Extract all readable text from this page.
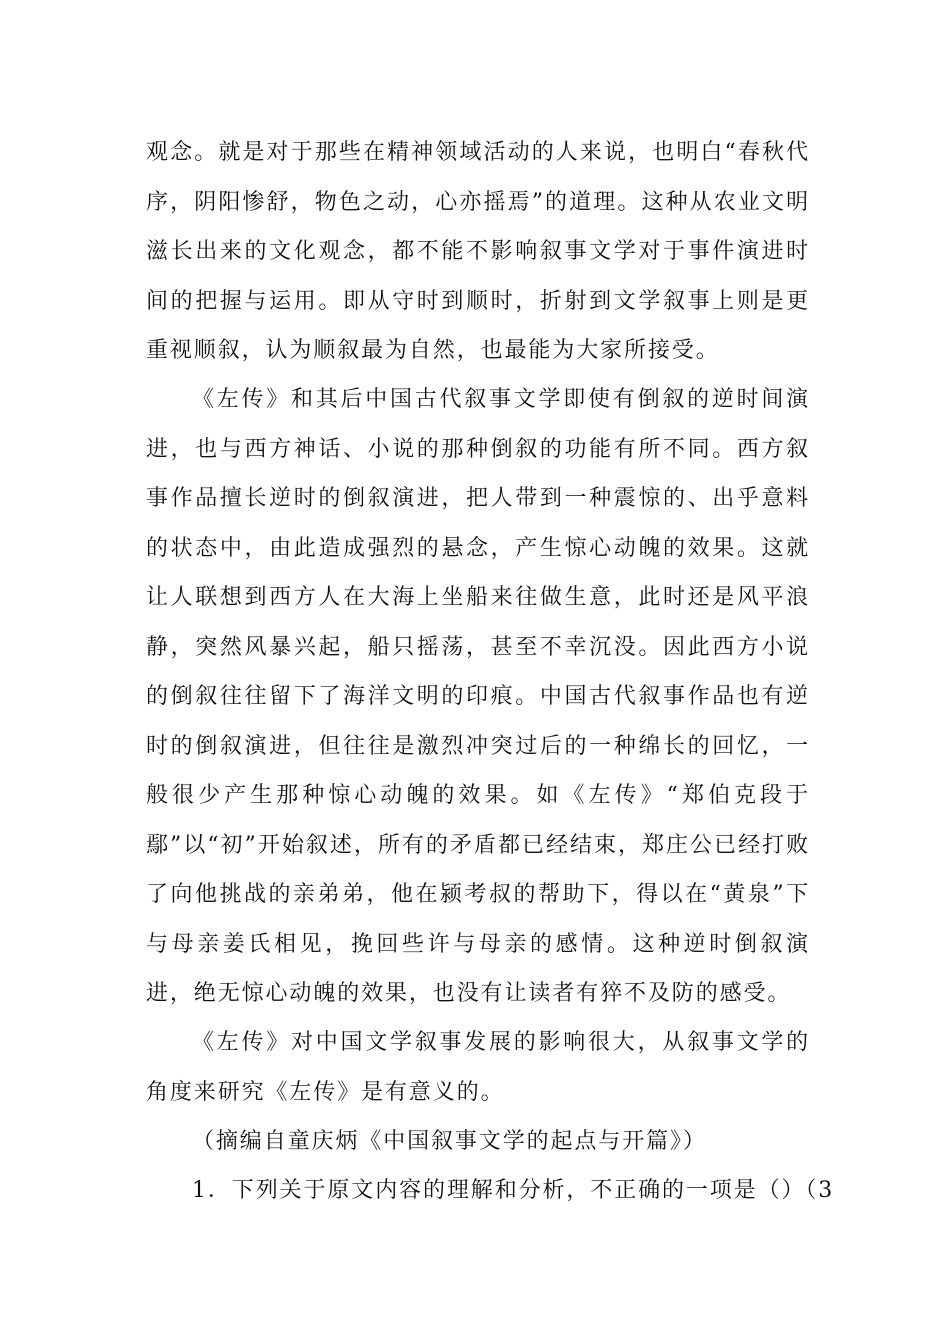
观念。就是对于那些在精神领域活动的人来说，也明白“春秋代序，阴阳惨舒，物色之动，心亦摇焉”的道理。这种从农业文明滋长出来的文化观念，都不能不影响叙事文学对于事件演进时间的把握与运用。即从守时到顺时，折射到文学叙事上则是更重视顺叙，认为顺叙最为自然，也最能为大家所接受。

《左传》和其后中国古代叙事文学即使有倒叙的逆时间演进，也与西方神话、小说的那种倒叙的功能有所不同。西方叙事作品擅长逆时的倒叙演进，把人带到一种震惊的、出乎意料的状态中，由此造成强烈的悬念，产生惊心动魄的效果。这就让人联想到西方人在大海上坐船来往做生意，此时还是风平浪静，突然风暴兴起，船只摇荡，甚至不幸沉没。因此西方小说的倒叙往往留下了海洋文明的印痕。中国古代叙事作品也有逆时的倒叙演进，但往往是激烈冲突过后的一种绵长的回忆，一般很少产生那种惊心动魄的效果。如《左传》“郑伯克段于鄢”以“初”开始叙述，所有的矛盾都已经结束，郑庄公已经打败了向他挑战的亲弟弟，他在颍考叔的帮助下，得以在“黄泉”下与母亲姜氏相见，挽回些许与母亲的感情。这种逆时倒叙演进，绝无惊心动魄的效果，也没有让读者有猝不及防的感受。

《左传》对中国文学叙事发展的影响很大，从叙事文学的角度来研究《左传》是有意义的。

（摘编自童庆炳《中国叙事文学的起点与开篇》）

1．下列关于原文内容的理解和分析，不正确的一项是（）（3
